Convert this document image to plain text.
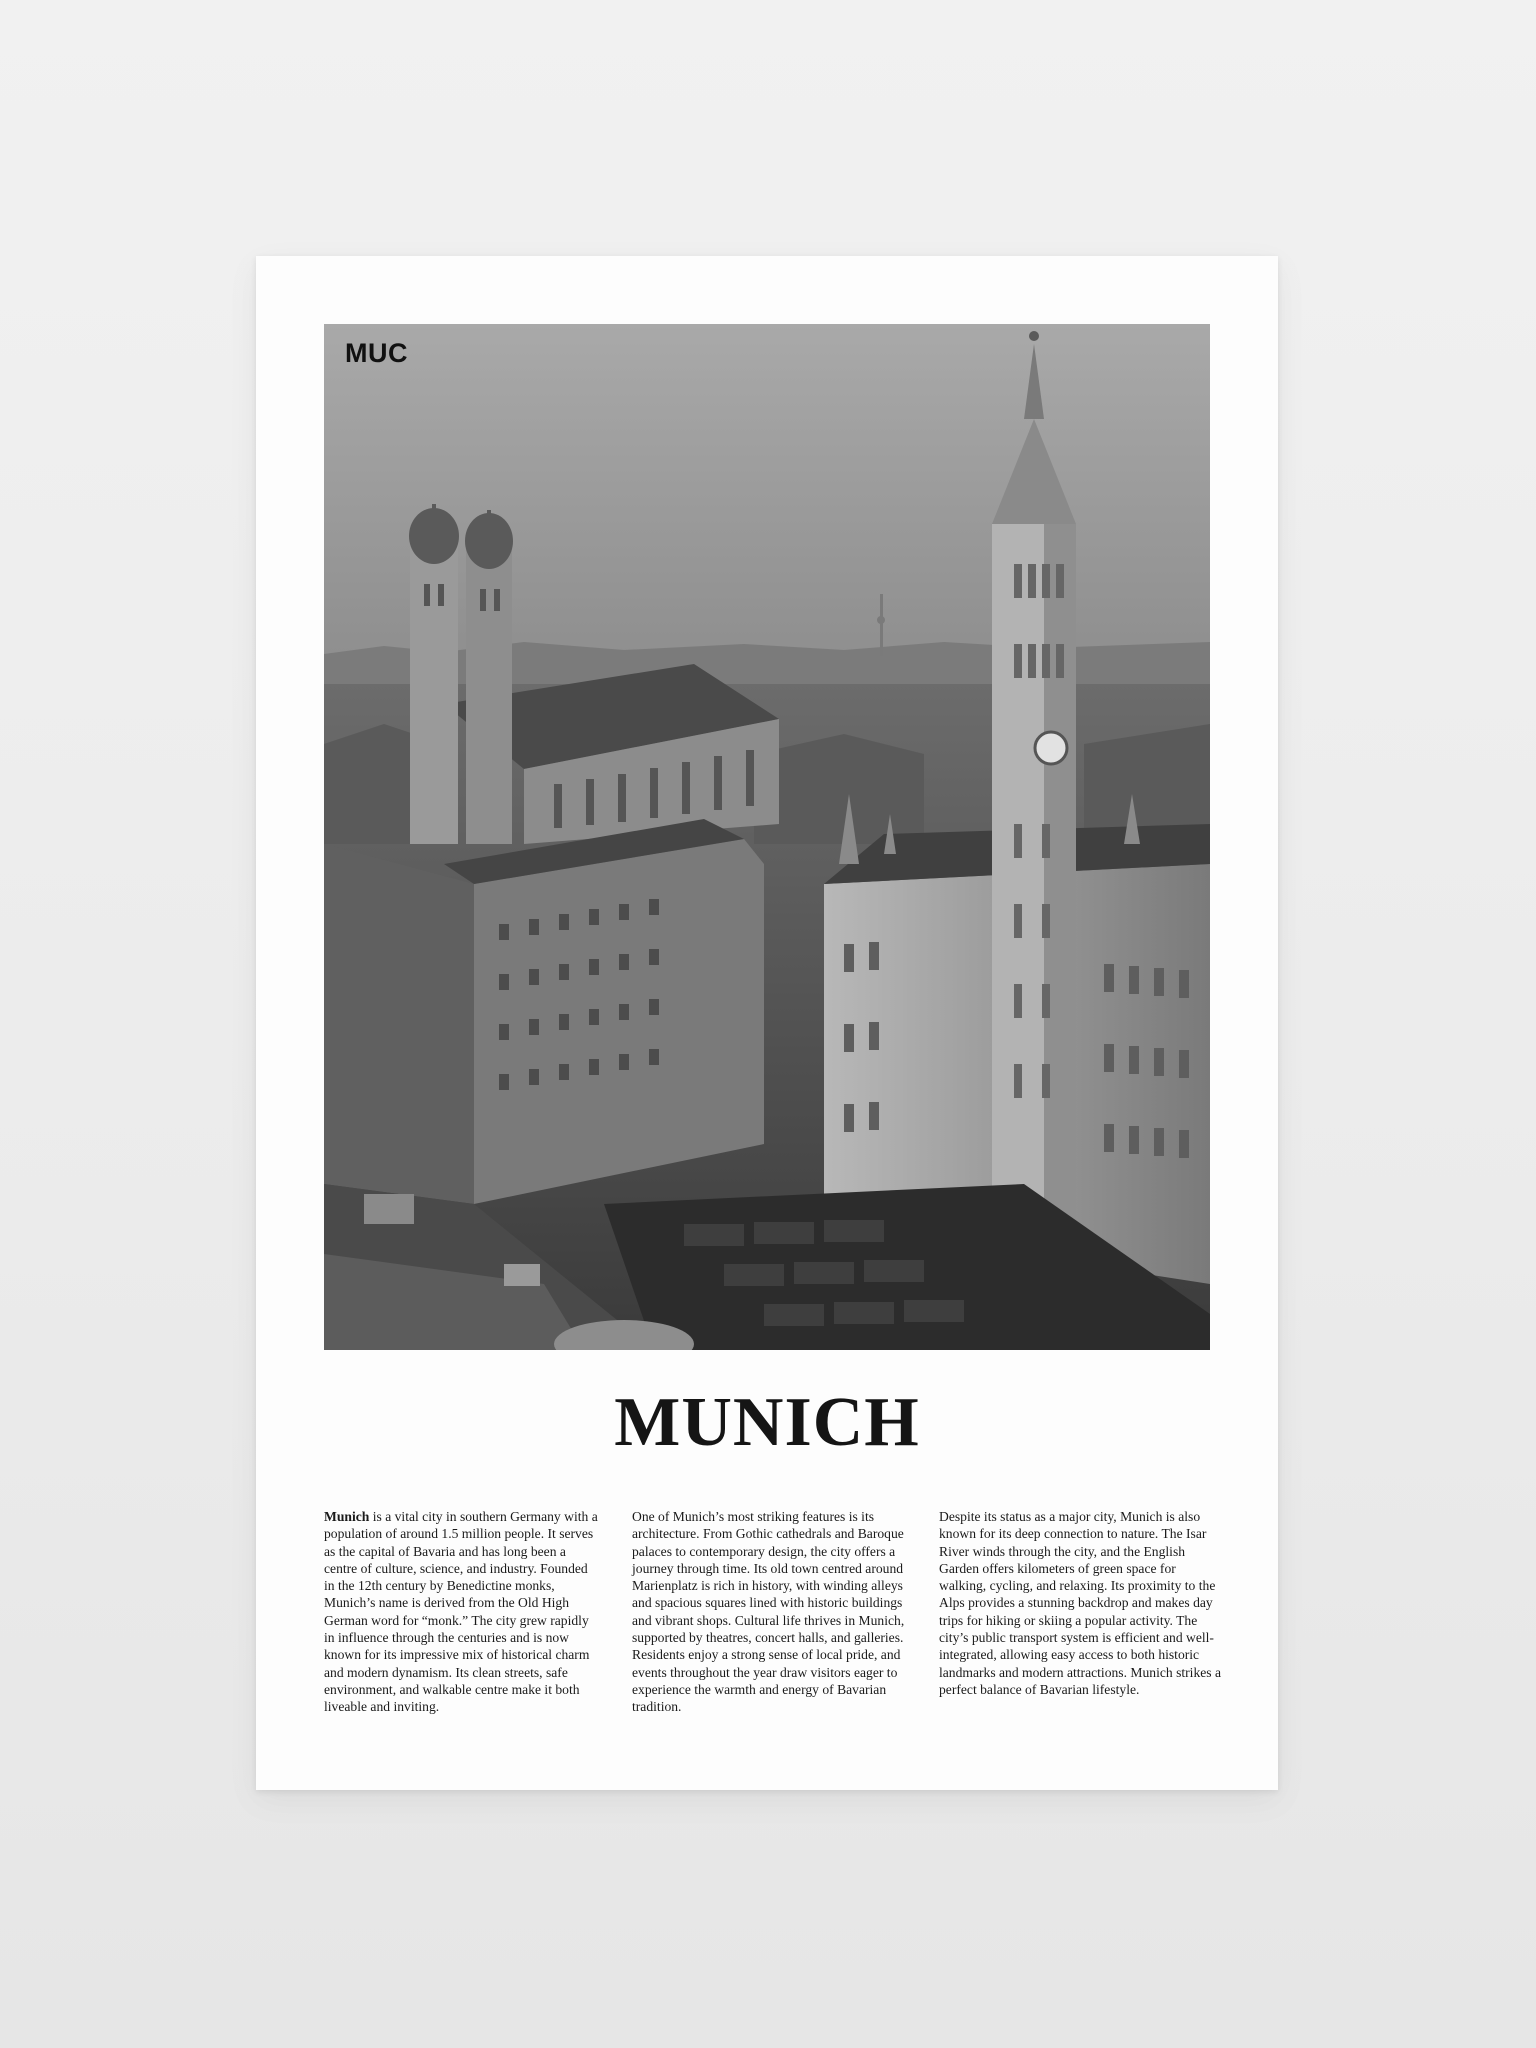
MUC
MUNICH
Munich is a vital city in southern Germany with a population of around 1.5 million people. It serves as the capital of Bavaria and has long been a centre of culture, science, and industry. Founded in the 12th century by Benedictine monks, Munich’s name is derived from the Old High German word for “monk.” The city grew rapidly in influence through the centuries and is now known for its impressive mix of historical charm and modern dynamism. Its clean streets, safe environment, and walkable centre make it both liveable and inviting.
One of Munich’s most striking features is its architecture. From Gothic cathedrals and Baroque palaces to contemporary design, the city offers a journey through time. Its old town centred around Marienplatz is rich in history, with winding alleys and spacious squares lined with historic buildings and vibrant shops. Cultural life thrives in Munich, supported by theatres, concert halls, and galleries. Residents enjoy a strong sense of local pride, and events throughout the year draw visitors eager to experience the warmth and energy of Bavarian tradition.
Despite its status as a major city, Munich is also known for its deep connection to nature. The Isar River winds through the city, and the English Garden offers kilometers of green space for walking, cycling, and relaxing. Its proximity to the Alps provides a stunning backdrop and makes day trips for hiking or skiing a popular activity. The city’s public transport system is efficient and well-integrated, allowing easy access to both historic landmarks and modern attractions. Munich strikes a perfect balance of Bavarian lifestyle.
